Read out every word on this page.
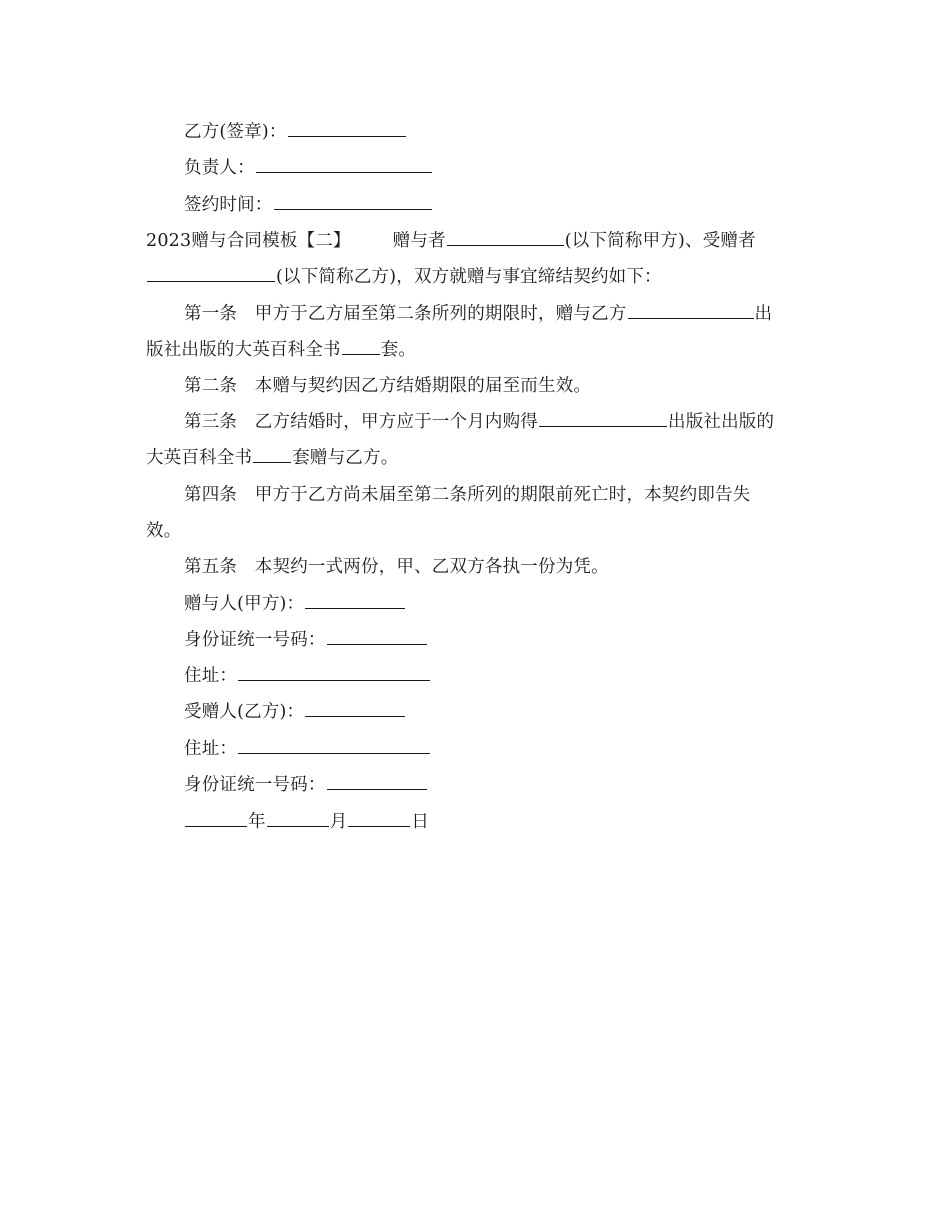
乙方(签章)：
负责人：
签约时间：
2023赠与合同模板【二】 赠与者	(以下简称甲方)、受赠者
(以下简称乙方)，双方就赠与事宜缔结契约如下：
第一条　甲方于乙方届至第二条所列的期限时，赠与乙方	出
版社出版的大英百科全书 套。
第二条　本赠与契约因乙方结婚期限的届至而生效。
第三条　乙方结婚时，甲方应于一个月内购得	出版社出版的
大英百科全书 套赠与乙方。
第四条　甲方于乙方尚未届至第二条所列的期限前死亡时，本契约即告失
效。
第五条　本契约一式两份，甲、乙双方各执一份为凭。
赠与人(甲方)：
身份证统一号码：
住址：
受赠人(乙方)：
住址：
身份证统一号码：
年	月	日
